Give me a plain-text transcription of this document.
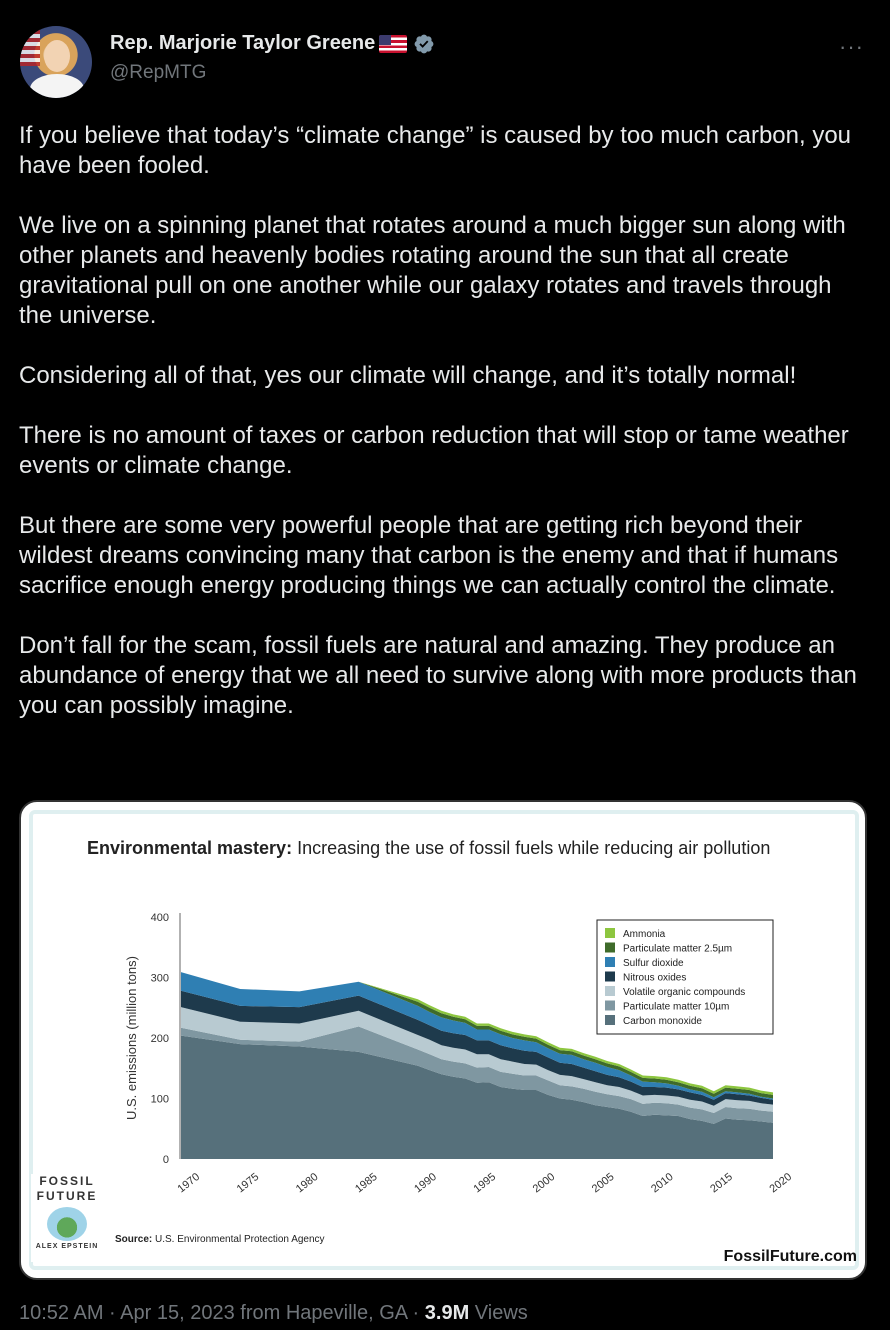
Rep. Marjorie Taylor Greene
@RepMTG
···

If you believe that today’s “climate change” is caused by too much carbon, you have been fooled.

We live on a spinning planet that rotates around a much bigger sun along with other planets and heavenly bodies rotating around the sun that all create gravitational pull on one another while our galaxy rotates and travels through the universe.

Considering all of that, yes our climate will change, and it’s totally normal!

There is no amount of taxes or carbon reduction that will stop or tame weather events or climate change.

But there are some very powerful people that are getting rich beyond their wildest dreams convincing many that carbon is the enemy and that if humans sacrifice enough energy producing things we can actually control the climate.

Don’t fall for the scam, fossil fuels are natural and amazing. They produce an abundance of energy that we all need to survive along with more products than you can possibly imagine.

Environmental mastery: Increasing the use of fossil fuels while reducing air pollution
0
100
200
300
400
1970	1975	1980	1985	1990	1995	2000	2005	2010	2015	2020
U.S. emissions (million tons)
Ammonia
Particulate matter 2.5µm
Sulfur dioxide
Nitrous oxides
Volatile organic compounds
Particulate matter 10µm
Carbon monoxide
FOSSIL
FUTURE
ALEX EPSTEIN
Source: U.S. Environmental Protection Agency
FossilFuture.com
10:52 AM · Apr 15, 2023 from Hapeville, GA · 3.9M Views
